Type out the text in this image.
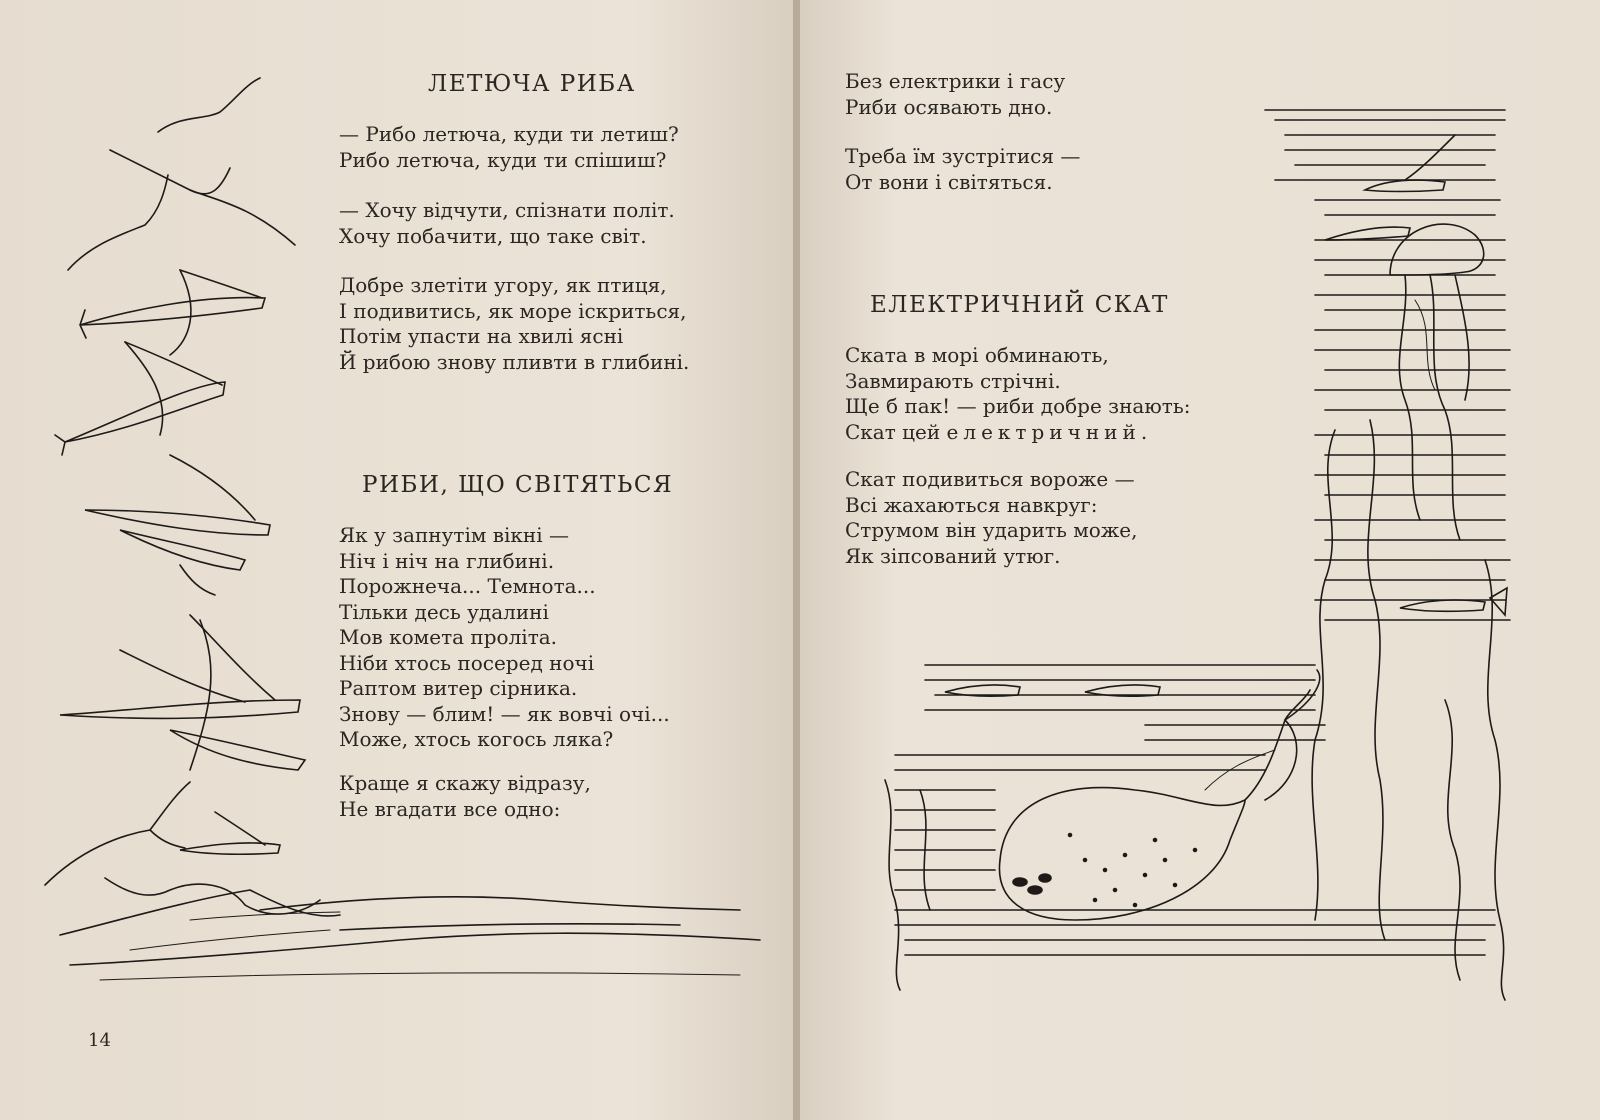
ЛЕТЮЧА РИБА

— Рибо летюча, куди ти летиш?
Рибо летюча, куди ти спішиш?

— Хочу відчути, спізнати політ.
Хочу побачити, що таке світ.

Добре злетіти угору, як птиця,
І подивитись, як море іскриться,
Потім упасти на хвилі ясні
Й рибою знову пливти в глибині.

РИБИ, ЩО СВІТЯТЬСЯ

Як у запнутім вікні —
Ніч і ніч на глибині.
Порожнеча... Темнота...
Тільки десь удалині
Мов комета проліта.
Ніби хтось посеред ночі
Раптом витер сірника.
Знову — блим! — як вовчі очі...
Може, хтось когось ляка?

Краще я скажу відразу,
Не вгадати все одно:

14

Без електрики і гасу
Риби осявають дно.

Треба їм зустрітися —
От вони і світяться.

ЕЛЕКТРИЧНИЙ СКАТ

Ската в морі обминають,
Завмирають стрічні.
Ще б пак! — риби добре знають:
Скат цей електричний.

Скат подивиться вороже —
Всі жахаються навкруг:
Струмом він ударить може,
Як зіпсований утюг.
